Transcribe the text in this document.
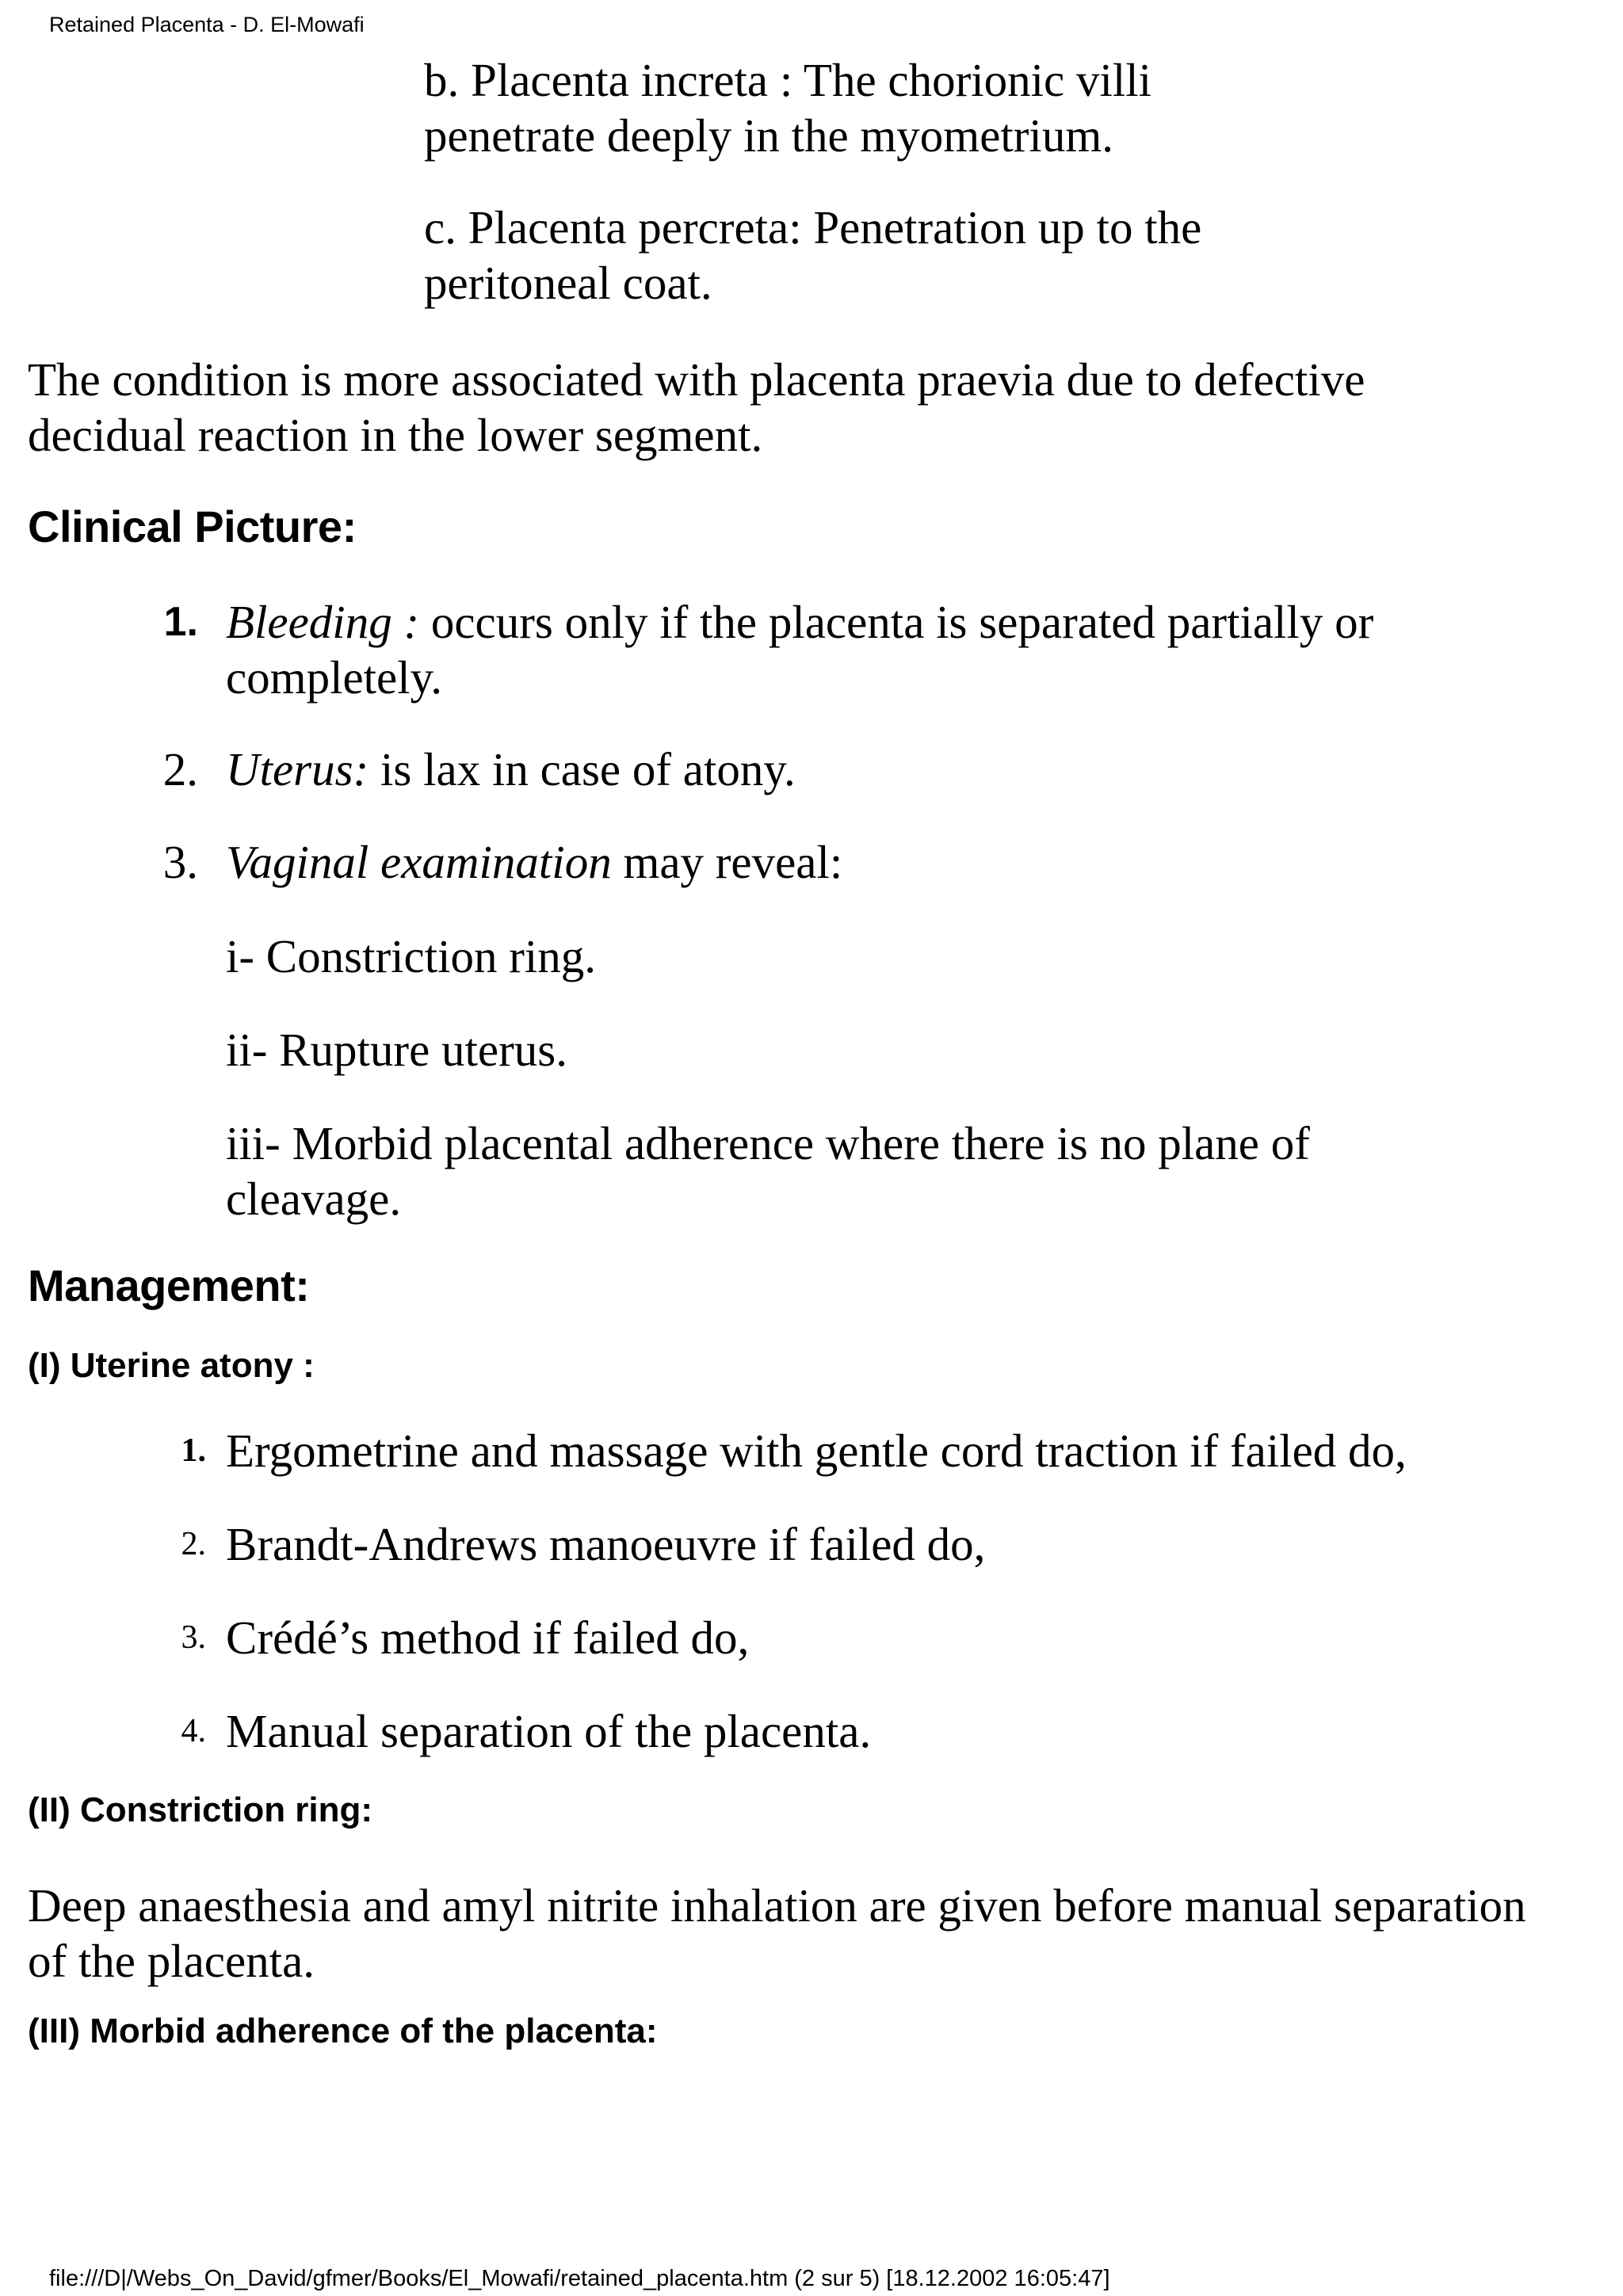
Retained Placenta - D. El-Mowafi

b. Placenta increta : The chorionic villi penetrate deeply in the myometrium.

c. Placenta percreta: Penetration up to the peritoneal coat.

The condition is more associated with placenta praevia due to defective decidual reaction in the lower segment.

Clinical Picture:
1. Bleeding : occurs only if the placenta is separated partially or completely.

2. Uterus: is lax in case of atony.

3. Vaginal examination may reveal:

i- Constriction ring.

ii- Rupture uterus.

iii- Morbid placental adherence where there is no plane of cleavage.

Management:
(I) Uterine atony :
1. Ergometrine and massage with gentle cord traction if failed do,

2. Brandt-Andrews manoeuvre if failed do,

3. Crédé’s method if failed do,

4. Manual separation of the placenta.

(II) Constriction ring:

Deep anaesthesia and amyl nitrite inhalation are given before manual separation of the placenta.

(III) Morbid adherence of the placenta:
file:///D|/Webs_On_David/gfmer/Books/El_Mowafi/retained_placenta.htm (2 sur 5) [18.12.2002 16:05:47]
